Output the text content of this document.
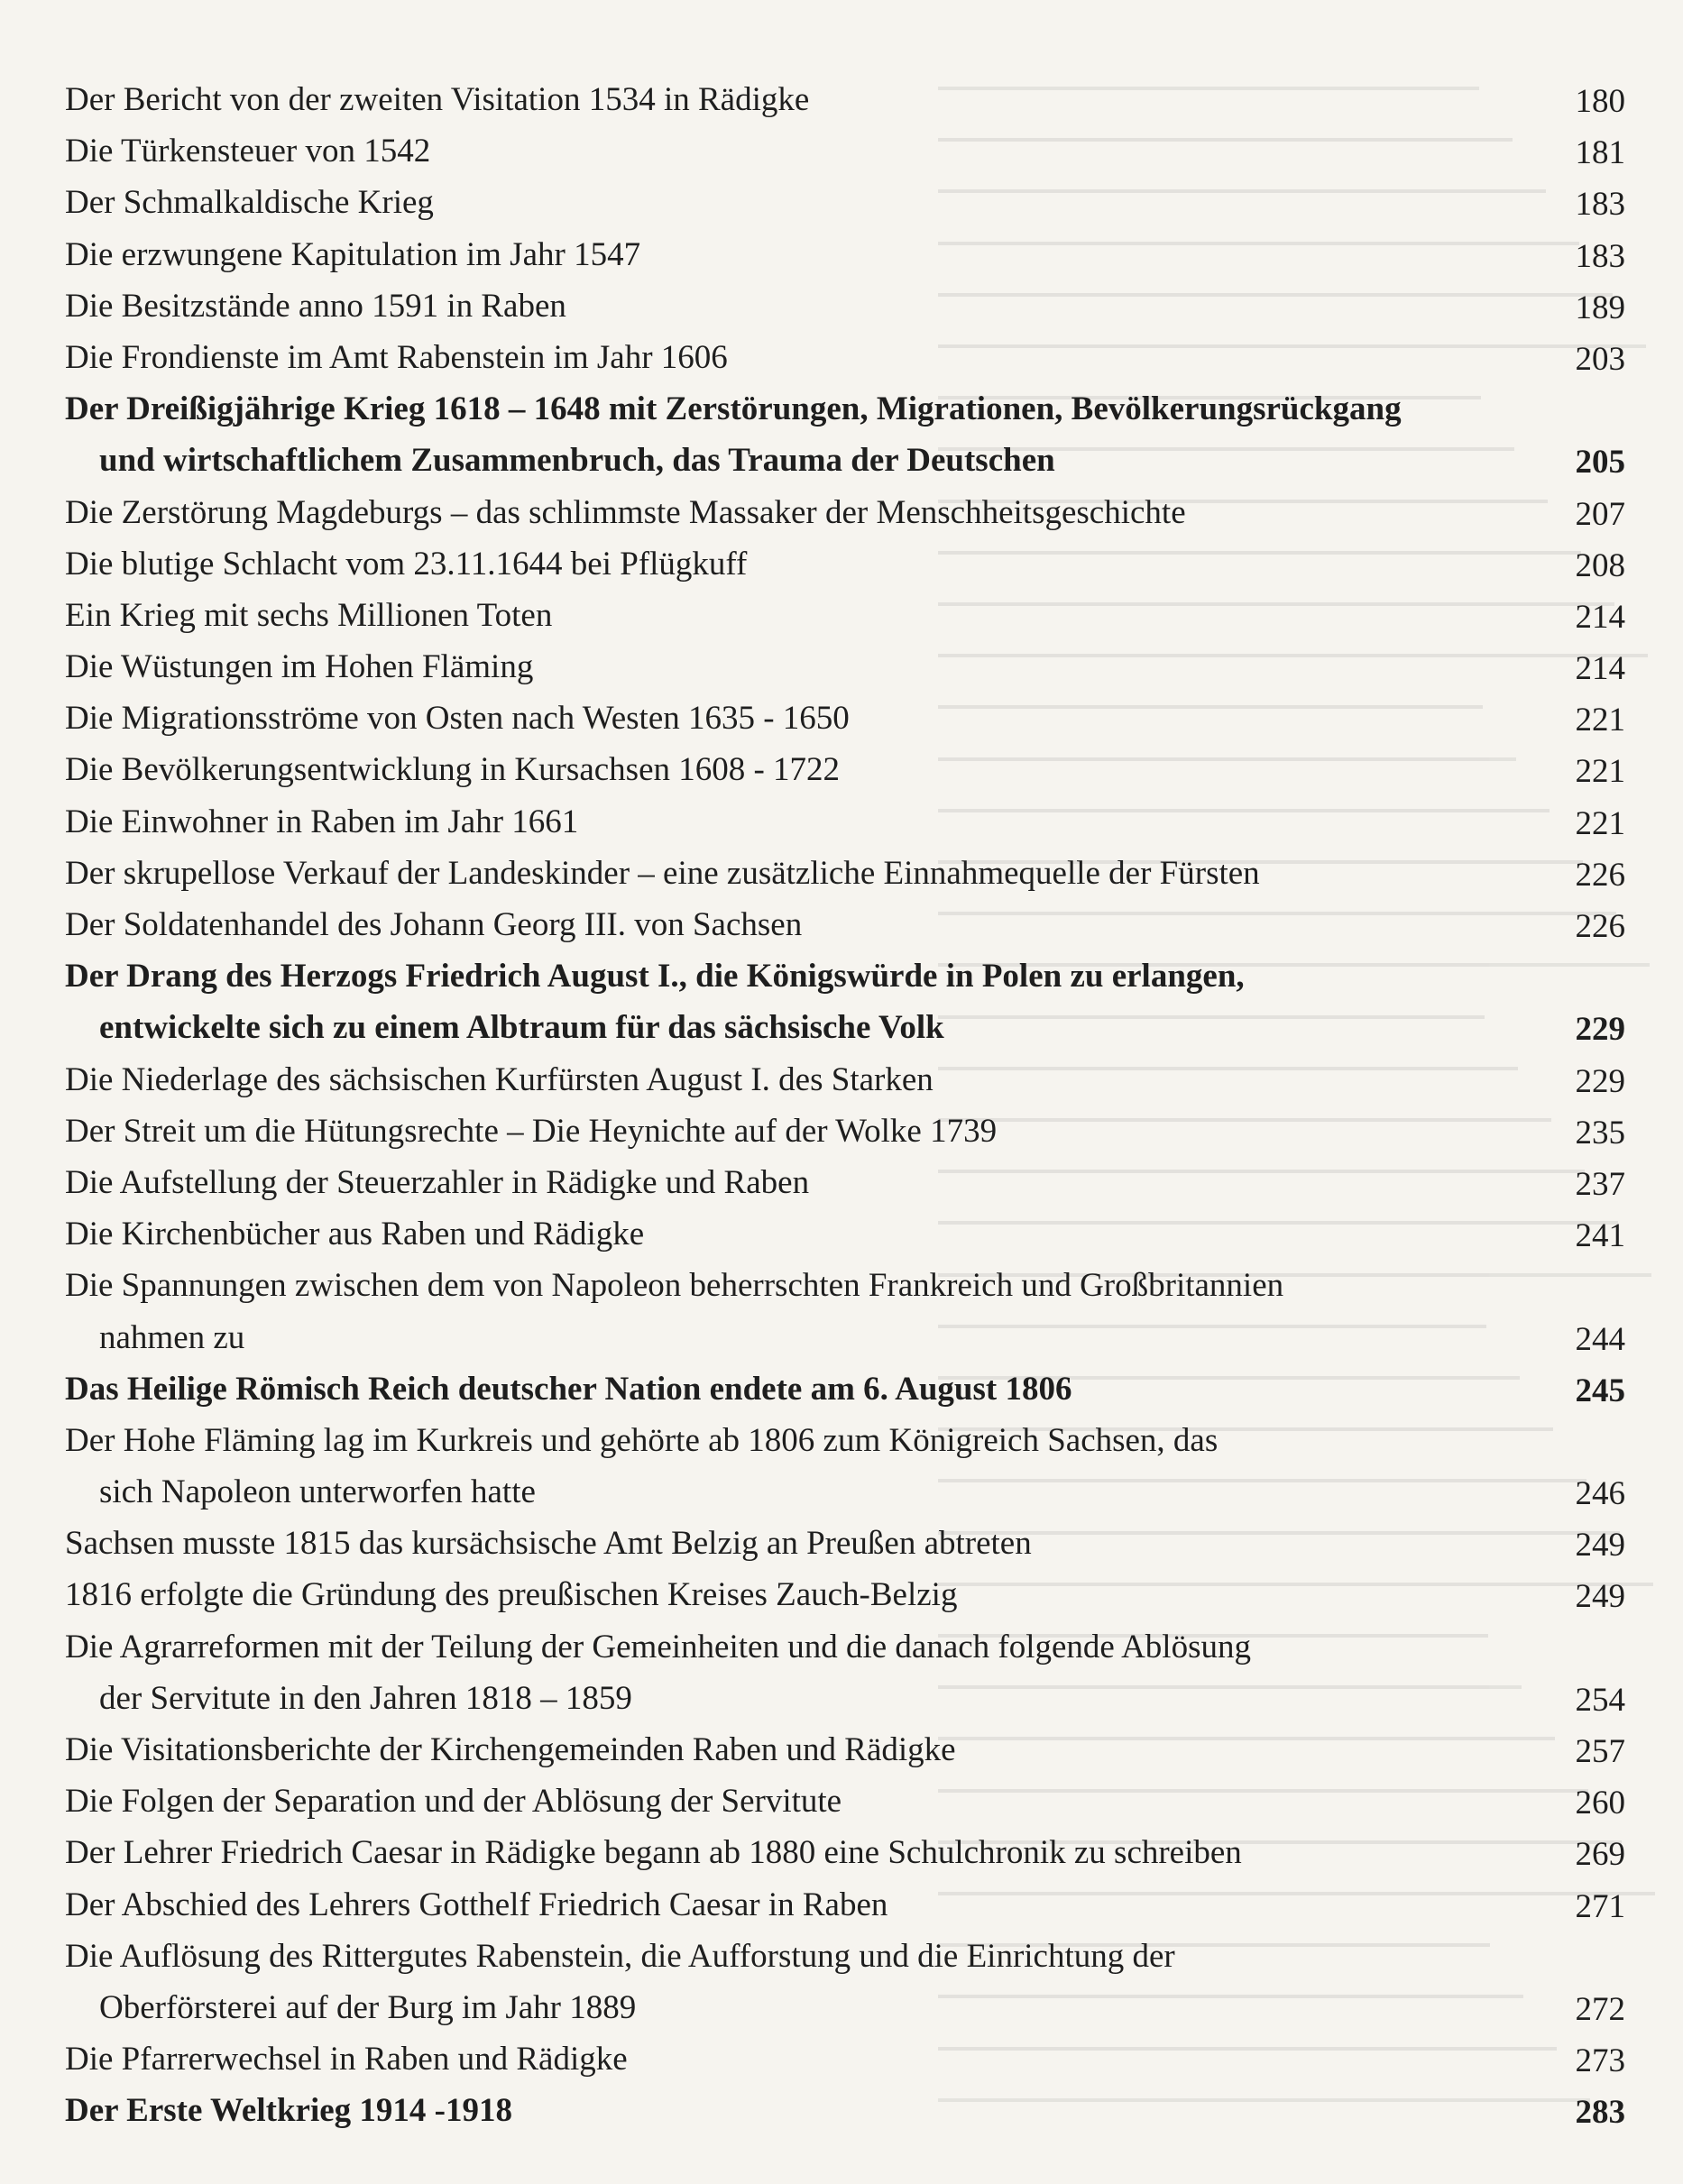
Der Bericht von der zweiten Visitation 1534 in Rädigke	180
Die Türkensteuer von 1542	181
Der Schmalkaldische Krieg	183
Die erzwungene Kapitulation im Jahr 1547	183
Die Besitzstände anno 1591 in Raben	189
Die Frondienste im Amt Rabenstein im Jahr 1606	203
Der Dreißigjährige Krieg 1618 – 1648 mit Zerstörungen, Migrationen, Bevölkerungsrückgang
und wirtschaftlichem Zusammenbruch, das Trauma der Deutschen	205
Die Zerstörung Magdeburgs – das schlimmste Massaker der Menschheitsgeschichte	207
Die blutige Schlacht vom 23.11.1644 bei Pflügkuff	208
Ein Krieg mit sechs Millionen Toten	214
Die Wüstungen im Hohen Fläming	214
Die Migrationsströme von Osten nach Westen 1635 - 1650	221
Die Bevölkerungsentwicklung in Kursachsen 1608 - 1722	221
Die Einwohner in Raben im Jahr 1661	221
Der skrupellose Verkauf der Landeskinder – eine zusätzliche Einnahmequelle der Fürsten	226
Der Soldatenhandel des Johann Georg III. von Sachsen	226
Der Drang des Herzogs Friedrich August I., die Königswürde in Polen zu erlangen,
entwickelte sich zu einem Albtraum für das sächsische Volk	229
Die Niederlage des sächsischen Kurfürsten August I. des Starken	229
Der Streit um die Hütungsrechte – Die Heynichte auf der Wolke 1739	235
Die Aufstellung der Steuerzahler in Rädigke und Raben	237
Die Kirchenbücher aus Raben und Rädigke	241
Die Spannungen zwischen dem von Napoleon beherrschten Frankreich und Großbritannien
nahmen zu	244
Das Heilige Römisch Reich deutscher Nation endete am 6. August 1806	245
Der Hohe Fläming lag im Kurkreis und gehörte ab 1806 zum Königreich Sachsen, das
sich Napoleon unterworfen hatte	246
Sachsen musste 1815 das kursächsische Amt Belzig an Preußen abtreten	249
1816 erfolgte die Gründung des preußischen Kreises Zauch-Belzig	249
Die Agrarreformen mit der Teilung der Gemeinheiten und die danach folgende Ablösung
der Servitute in den Jahren 1818 – 1859	254
Die Visitationsberichte der Kirchengemeinden Raben und Rädigke	257
Die Folgen der Separation und der Ablösung der Servitute	260
Der Lehrer Friedrich Caesar in Rädigke begann ab 1880 eine Schulchronik zu schreiben	269
Der Abschied des Lehrers Gotthelf Friedrich Caesar in Raben	271
Die Auflösung des Rittergutes Rabenstein, die Aufforstung und die Einrichtung der
Oberförsterei auf der Burg im Jahr 1889	272
Die Pfarrerwechsel in Raben und Rädigke	273
Der Erste Weltkrieg 1914 -1918	283
